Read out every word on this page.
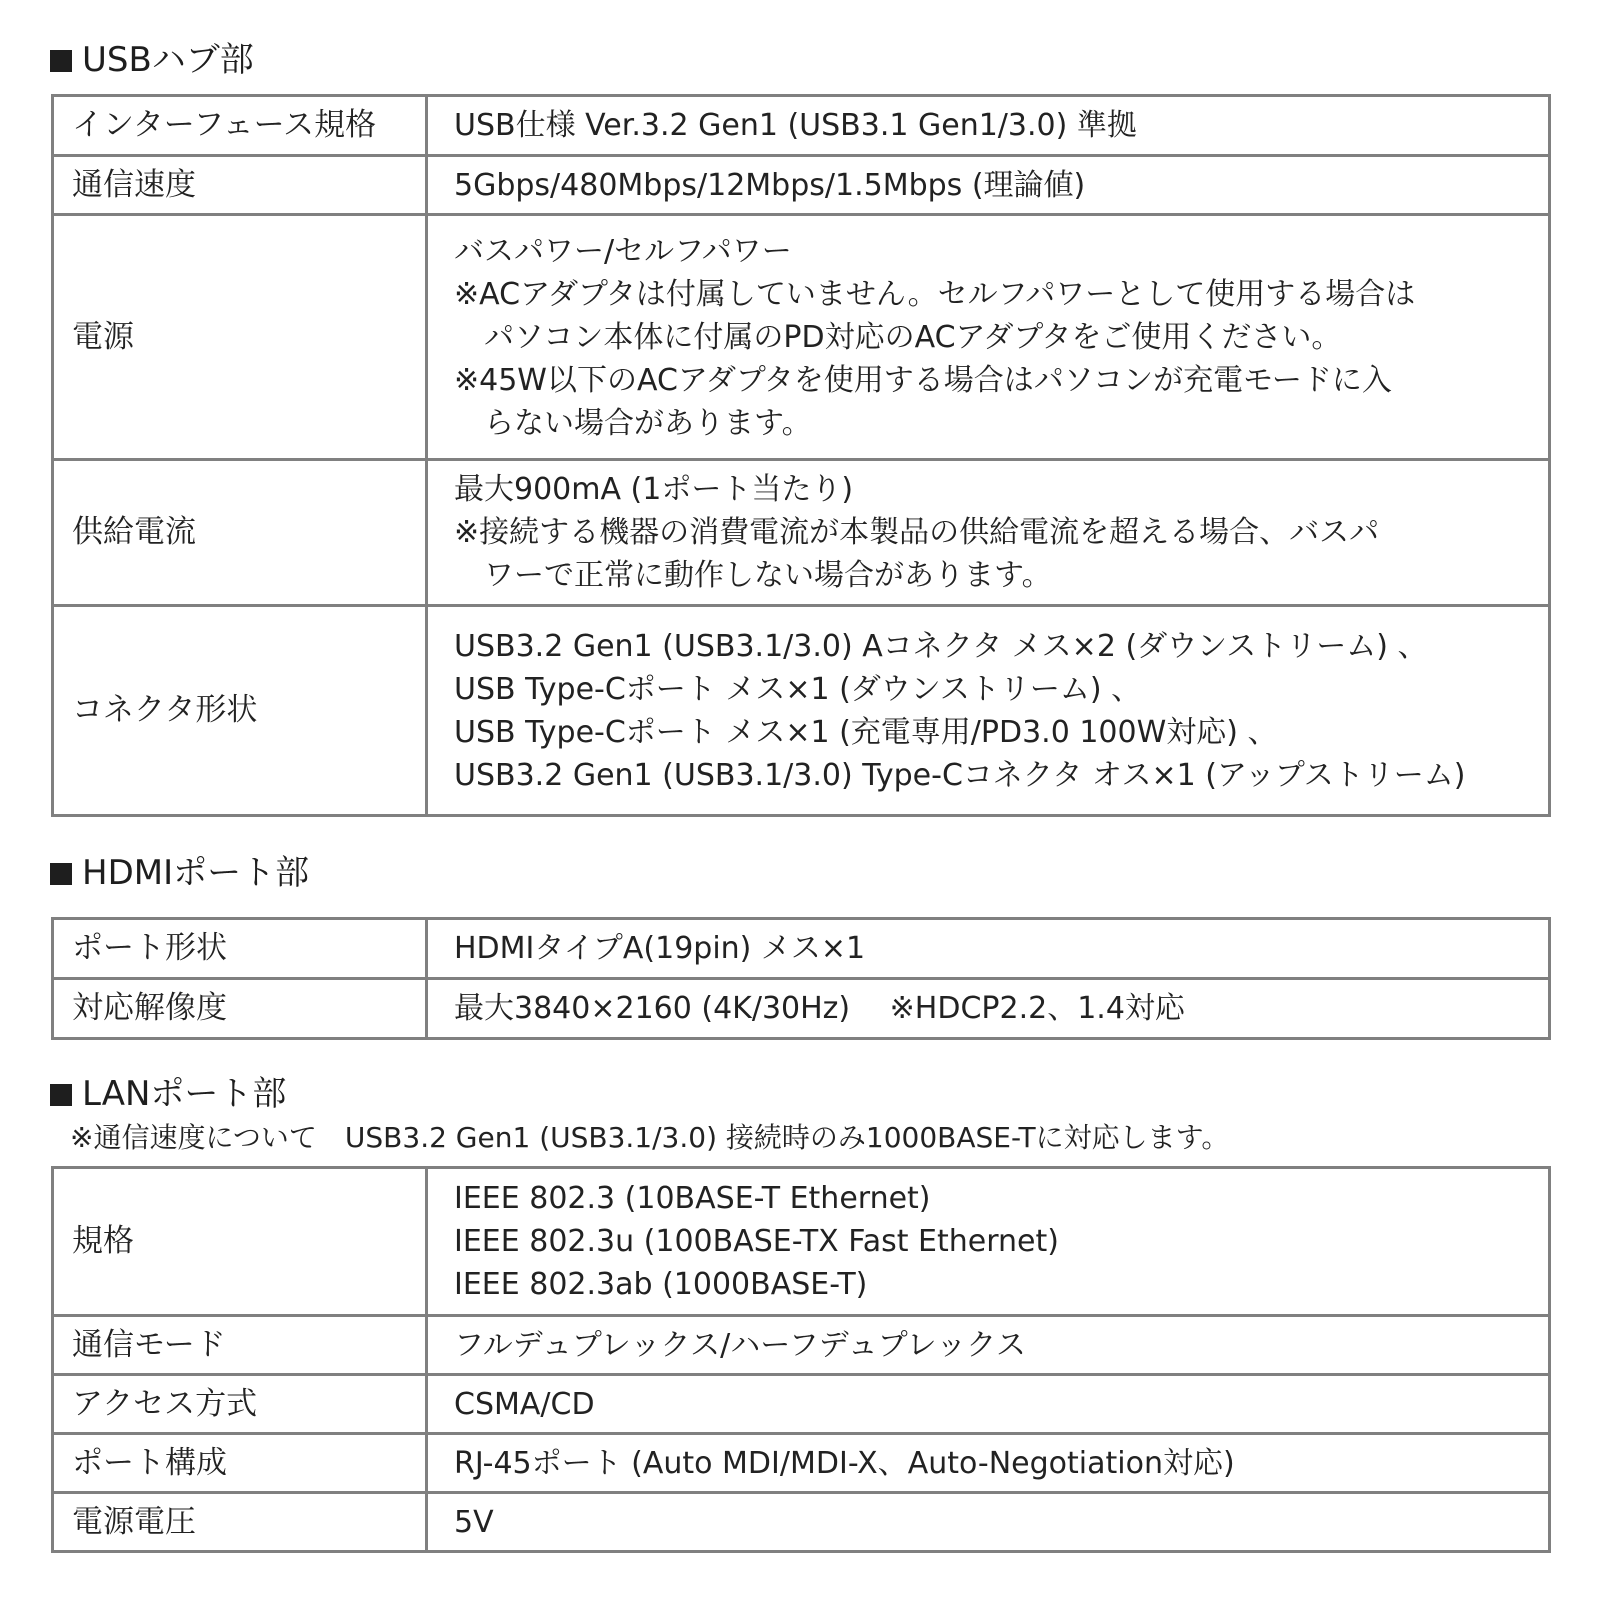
USBハブ部
インターフェース規格	USB仕様 Ver.3.2 Gen1 (USB3.1 Gen1/3.0) 準拠

通信速度	5Gbps/480Mbps/12Mbps/1.5Mbps (理論値)

電源	バスパワー/セルフパワー
※ACアダプタは付属していません。セルフパワーとして使用する場合は
パソコン本体に付属のPD対応のACアダプタをご使用ください。
※45W以下のACアダプタを使用する場合はパソコンが充電モードに入
らない場合があります。

供給電流	最大900mA (1ポート当たり)
※接続する機器の消費電流が本製品の供給電流を超える場合、バスパ
ワーで正常に動作しない場合があります。

コネクタ形状	USB3.2 Gen1 (USB3.1/3.0) Aコネクタ メス×2 (ダウンストリーム) 、
USB Type-Cポート メス×1 (ダウンストリーム) 、
USB Type-Cポート メス×1 (充電専用/PD3.0 100W対応) 、
USB3.2 Gen1 (USB3.1/3.0) Type-Cコネクタ オス×1 (アップストリーム)
HDMIポート部
ポート形状	HDMIタイプA(19pin) メス×1

対応解像度	最大3840×2160 (4K/30Hz)　 ※HDCP2.2、1.4対応
LANポート部

※通信速度について　USB3.2 Gen1 (USB3.1/3.0) 接続時のみ1000BASE-Tに対応します。

規格	IEEE 802.3 (10BASE-T Ethernet)
IEEE 802.3u (100BASE-TX Fast Ethernet)
IEEE 802.3ab (1000BASE-T)

通信モード	フルデュプレックス/ハーフデュプレックス

アクセス方式	CSMA/CD

ポート構成	RJ-45ポート (Auto MDI/MDI-X、Auto-Negotiation対応)

電源電圧	5V
